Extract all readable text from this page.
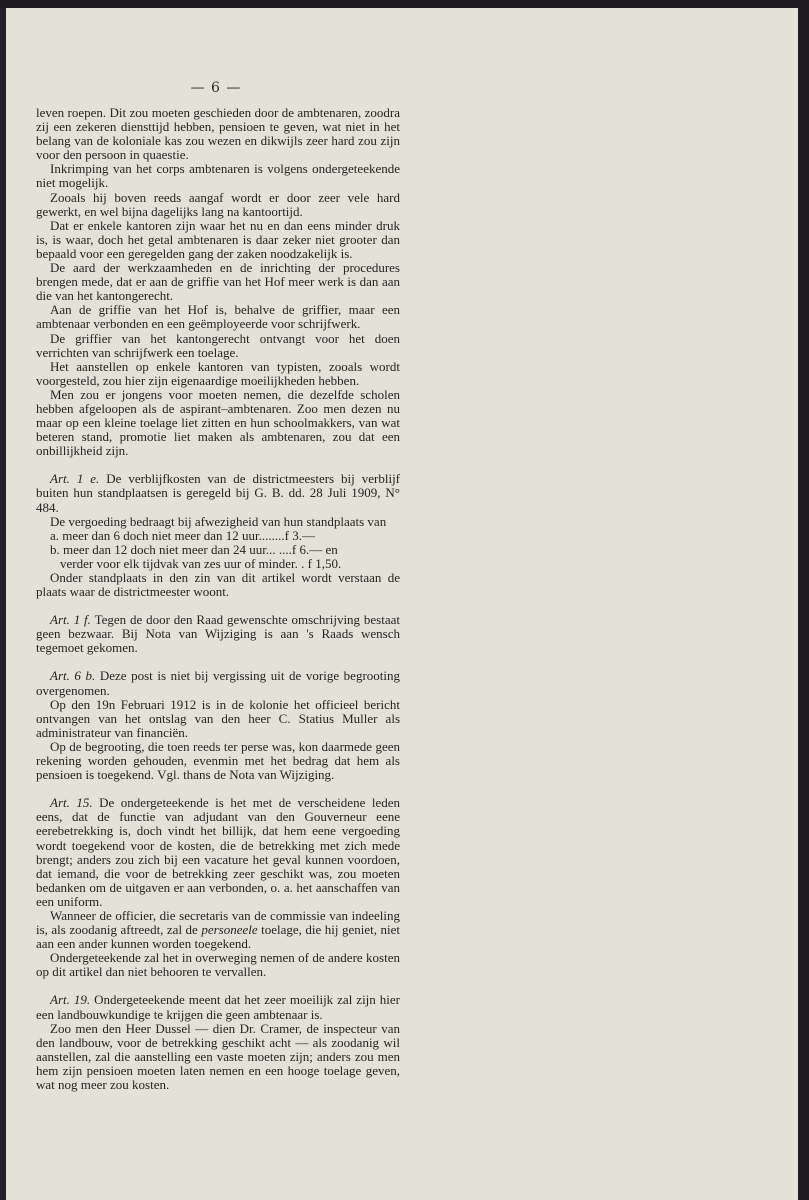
— 6 —

leven roepen. Dit zou moeten geschieden door de ambtenaren, zoodra zij een zekeren diensttijd hebben, pensioen te geven, wat niet in het belang van de koloniale kas zou wezen en dikwijls zeer hard zou zijn voor den persoon in quaestie.

Inkrimping van het corps ambtenaren is volgens ondergeteekende niet mogelijk.

Zooals hij boven reeds aangaf wordt er door zeer vele hard gewerkt, en wel bijna dagelijks lang na kantoortijd.

Dat er enkele kantoren zijn waar het nu en dan eens minder druk is, is waar, doch het getal ambtenaren is daar zeker niet grooter dan bepaald voor een geregelden gang der zaken noodzakelijk is.

De aard der werkzaamheden en de inrichting der procedures brengen mede, dat er aan de griffie van het Hof meer werk is dan aan die van het kantongerecht.

Aan de griffie van het Hof is, behalve de griffier, maar een ambtenaar verbonden en een geëmployeerde voor schrijfwerk.

De griffier van het kantongerecht ontvangt voor het doen verrichten van schrijfwerk een toelage.

Het aanstellen op enkele kantoren van typisten, zooals wordt voorgesteld, zou hier zijn eigenaardige moeilijkheden hebben.

Men zou er jongens voor moeten nemen, die dezelfde scholen hebben afgeloopen als de aspirant–ambtenaren. Zoo men dezen nu maar op een kleine toelage liet zitten en hun schoolmakkers, van wat beteren stand, promotie liet maken als ambtenaren, zou dat een onbillijkheid zijn.

Art. 1 e. De verblijfkosten van de districtmeesters bij verblijf buiten hun standplaatsen is geregeld bij G. B. dd. 28 Juli 1909, N° 484.

De vergoeding bedraagt bij afwezigheid van hun standplaats van

a. meer dan 6 doch niet meer dan 12 uur........f 3.—

b. meer dan 12 doch niet meer dan 24 uur... ....f 6.— en

verder voor elk tijdvak van zes uur of minder. . f 1,50.

Onder standplaats in den zin van dit artikel wordt verstaan de plaats waar de districtmeester woont.

Art. 1 f. Tegen de door den Raad gewenschte omschrijving bestaat geen bezwaar. Bij Nota van Wijziging is aan 's Raads wensch tegemoet gekomen.

Art. 6 b. Deze post is niet bij vergissing uit de vorige begrooting overgenomen.

Op den 19n Februari 1912 is in de kolonie het officieel bericht ontvangen van het ontslag van den heer C. Statius Muller als administrateur van financiën.

Op de begrooting, die toen reeds ter perse was, kon daarmede geen rekening worden gehouden, evenmin met het bedrag dat hem als pensioen is toegekend. Vgl. thans de Nota van Wijziging.

Art. 15. De ondergeteekende is het met de verscheidene leden eens, dat de functie van adjudant van den Gouverneur eene eerebetrekking is, doch vindt het billijk, dat hem eene vergoeding wordt toegekend voor de kosten, die de betrekking met zich mede brengt; anders zou zich bij een vacature het geval kunnen voordoen, dat iemand, die voor de betrekking zeer geschikt was, zou moeten bedanken om de uitgaven er aan verbonden, o. a. het aanschaffen van een uniform.

Wanneer de officier, die secretaris van de commissie van indeeling is, als zoodanig aftreedt, zal de personeele toelage, die hij geniet, niet aan een ander kunnen worden toegekend.

Ondergeteekende zal het in overweging nemen of de andere kosten op dit artikel dan niet behooren te vervallen.

Art. 19. Ondergeteekende meent dat het zeer moeilijk zal zijn hier een landbouwkundige te krijgen die geen ambtenaar is.

Zoo men den Heer Dussel — dien Dr. Cramer, de inspecteur van den landbouw, voor de betrekking geschikt acht — als zoodanig wil aanstellen, zal die aanstelling een vaste moeten zijn; anders zou men hem zijn pensioen moeten laten nemen en een hooge toelage geven, wat nog meer zou kosten.
